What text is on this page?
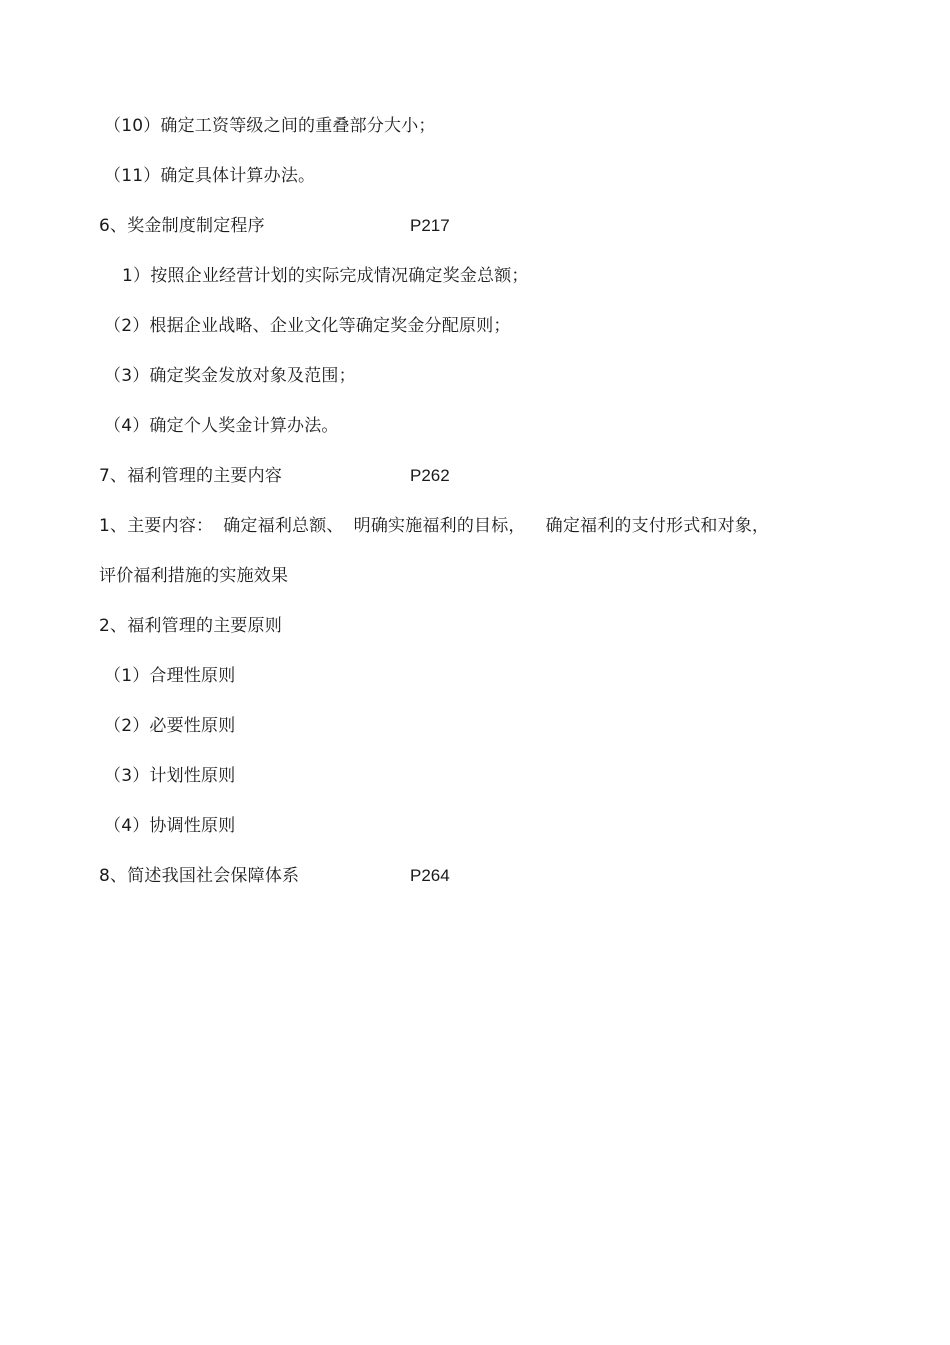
（10）确定工资等级之间的重叠部分大小；
（11）确定具体计算办法。
6、奖金制度制定程序	P217
1）按照企业经营计划的实际完成情况确定奖金总额；
（2）根据企业战略、企业文化等确定奖金分配原则；
（3）确定奖金发放对象及范围；
（4）确定个人奖金计算办法。
7、福利管理的主要内容	P262
1、主要内容： 确定福利总额、 明确实施福利的目标， 确定福利的支付形式和对象，
评价福利措施的实施效果
2、福利管理的主要原则
（1）合理性原则
（2）必要性原则
（3）计划性原则
（4）协调性原则
8、简述我国社会保障体系	P264
